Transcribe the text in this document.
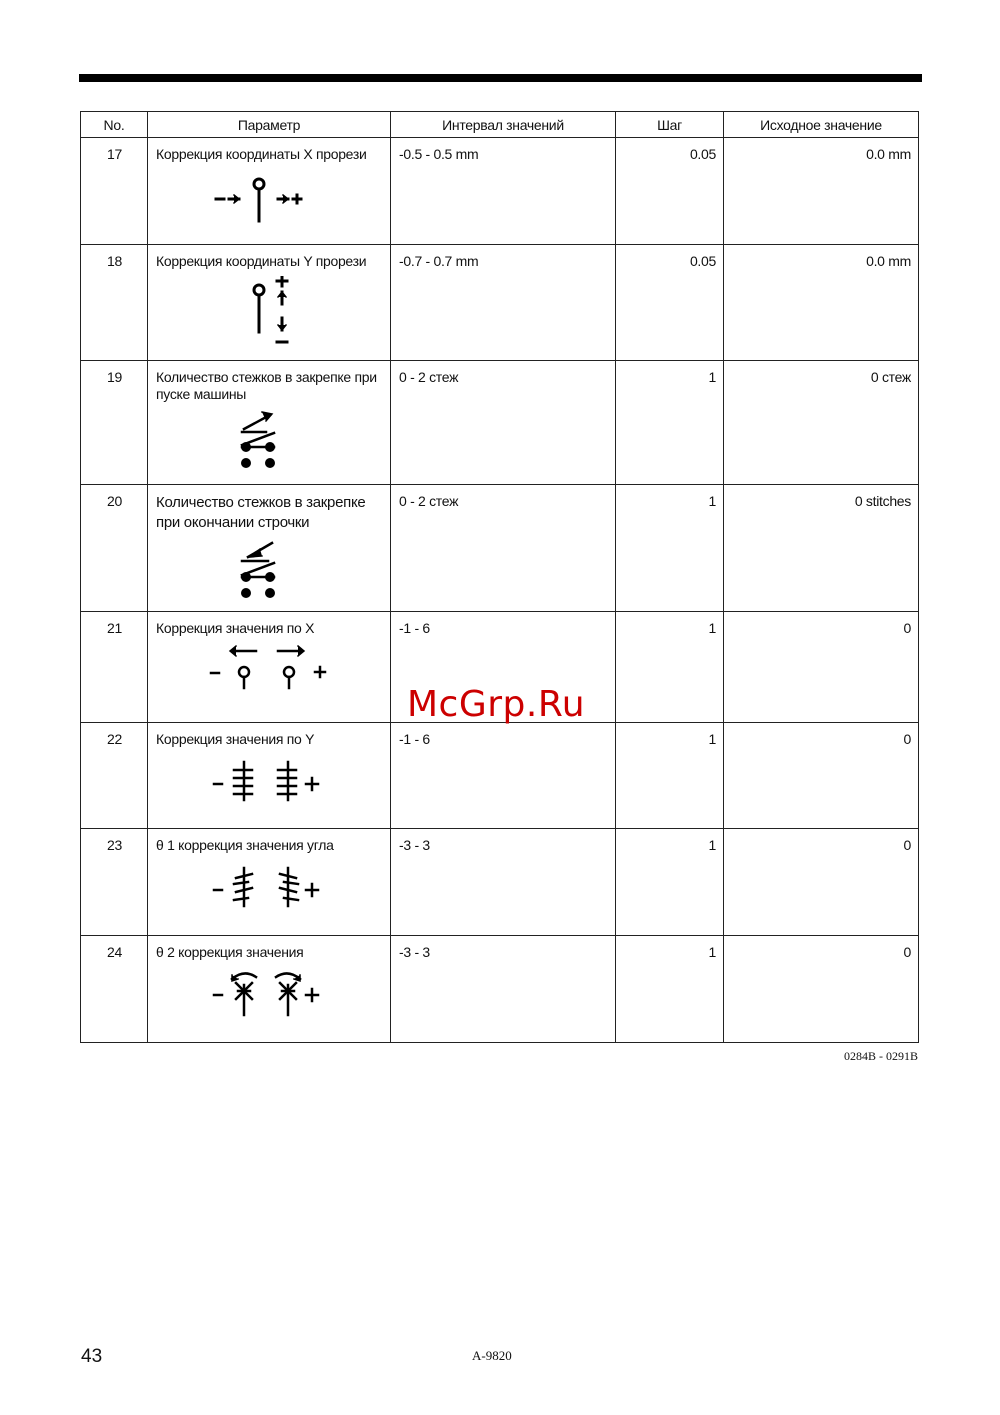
No.	Параметр	Интервал значений	Шаг	Исходное значение
17	Коррекция координаты X прорези	-0.5 - 0.5 mm	0.05	0.0 mm
18	Коррекция координаты Y прорези	-0.7 - 0.7 mm	0.05	0.0 mm
19	Количество стежков в закрепке при пуске машины	0 - 2 стеж	1	0 стеж
20	Количество стежков в закрепке при окончании строчки	0 - 2 стеж	1	0 stitches
21	Коррекция значения по X	-1 - 6	1	0
22	Коррекция значения по Y	-1 - 6	1	0
23	θ 1 коррекция значения угла	-3 - 3	1	0
24	θ 2 коррекция значения	-3 - 3	1	0
0284B - 0291B
McGrp.Ru
43	A-9820
